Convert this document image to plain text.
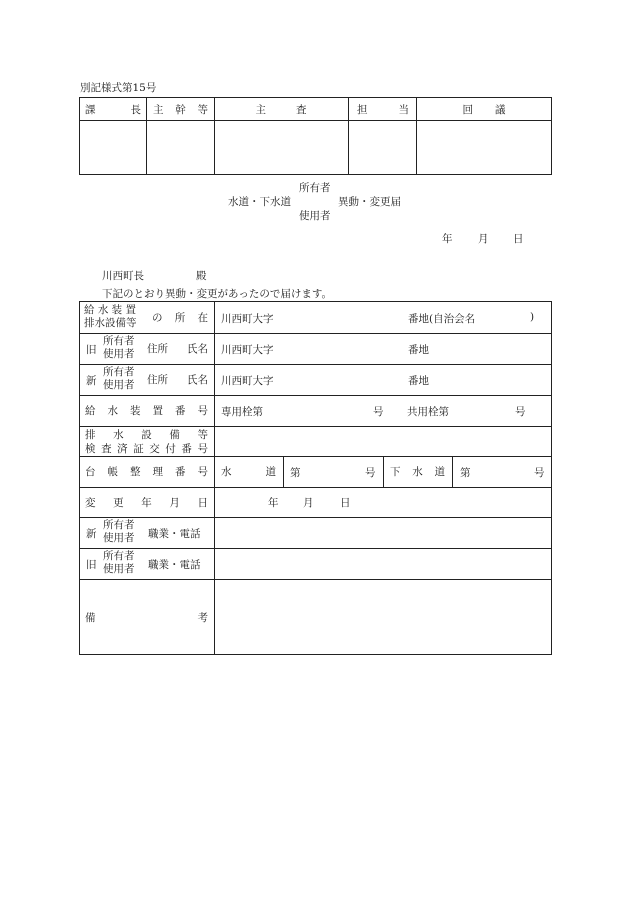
別記様式第15号
課	長 主 幹 等	主	査	担	当	回 議
所有者
水道・下水道	異動・変更届
使用者
年 月 日
川西町長	殿
下記のとおり異動・変更があったので届けます。
給 水 装 置
排水設備等 の 所 在 川西町大字	番地(自治会名	)
旧
所有者
使用者 住所 氏名 川西町大字	番地
新
所有者
使用者 住所 氏名 川西町大字	番地
給 水 装 置 番 号 専用栓第	号 共用栓第	号
排 水 設 備 等
検 査 済 証 交 付 番 号
台 帳 整 理 番 号 水	道 第	号 下 水 道 第	号
変 更 年 月 日	年 月	日
新
所有者
使用者 職業・電話
旧
所有者
使用者 職業・電話
備	考
